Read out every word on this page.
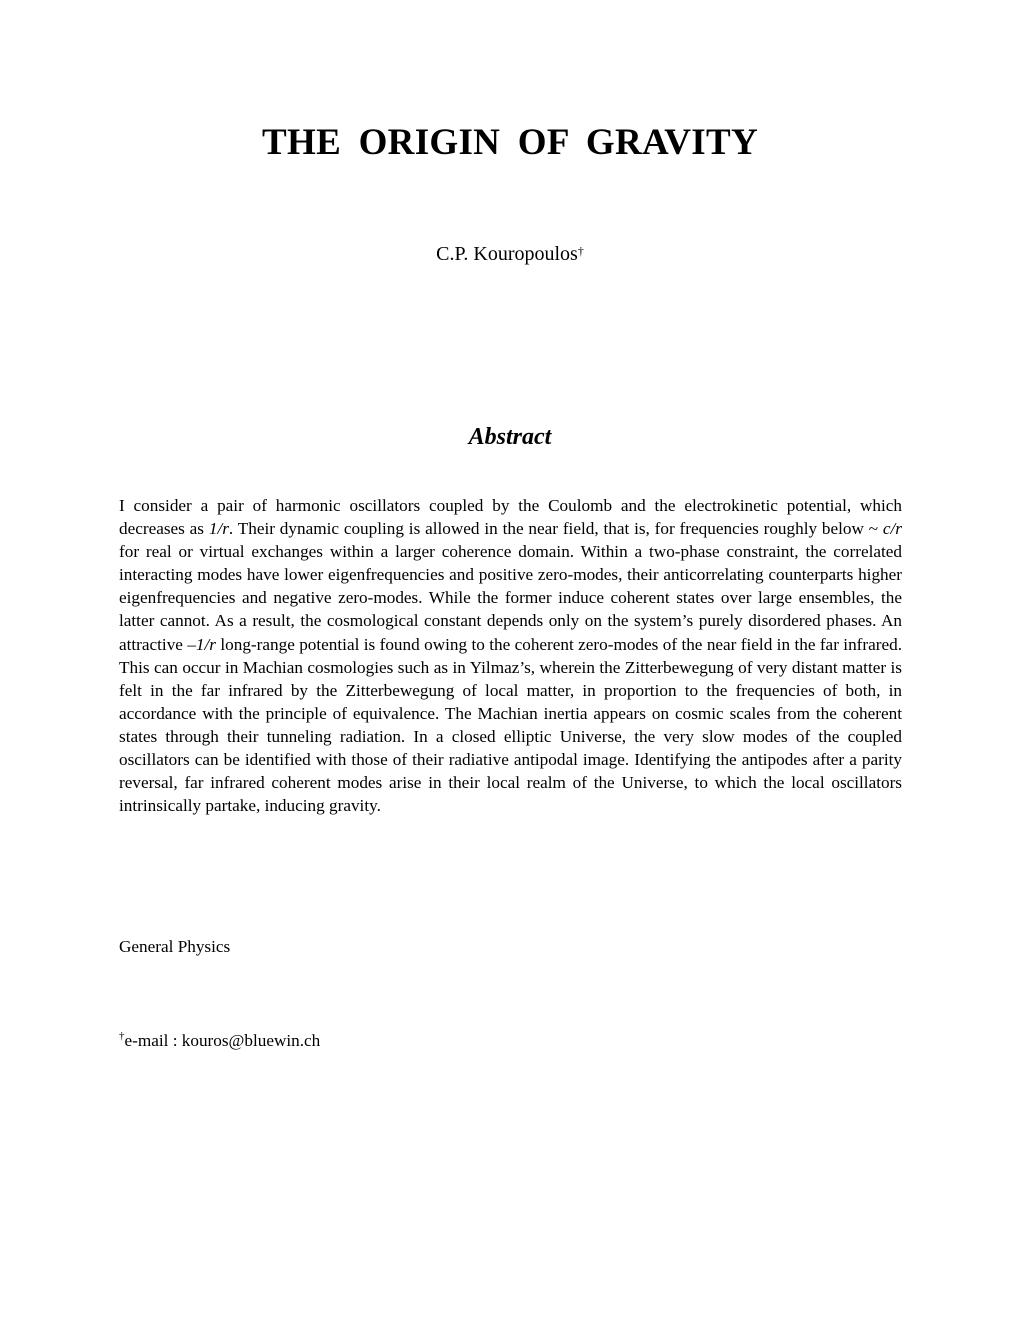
THE ORIGIN OF GRAVITY
C.P. Kouropoulos†
Abstract

I consider a pair of harmonic oscillators coupled by the Coulomb and the electrokinetic potential, which decreases as 1/r. Their dynamic coupling is allowed in the near field, that is, for frequencies roughly below ~ c/r for real or virtual exchanges within a larger coherence domain. Within a two-phase constraint, the correlated interacting modes have lower eigenfrequencies and positive zero-modes, their anticorrelating counterparts higher eigenfrequencies and negative zero-modes. While the former induce coherent states over large ensembles, the latter cannot. As a result, the cosmological constant depends only on the system’s purely disordered phases. An attractive –1/r long-range potential is found owing to the coherent zero-modes of the near field in the far infrared. This can occur in Machian cosmologies such as in Yilmaz’s, wherein the Zitterbewegung of very distant matter is felt in the far infrared by the Zitterbewegung of local matter, in proportion to the frequencies of both, in accordance with the principle of equivalence. The Machian inertia appears on cosmic scales from the coherent states through their tunneling radiation. In a closed elliptic Universe, the very slow modes of the coupled oscillators can be identified with those of their radiative antipodal image. Identifying the antipodes after a parity reversal, far infrared coherent modes arise in their local realm of the Universe, to which the local oscillators intrinsically partake, inducing gravity.

General Physics
†e-mail : kouros@bluewin.ch
